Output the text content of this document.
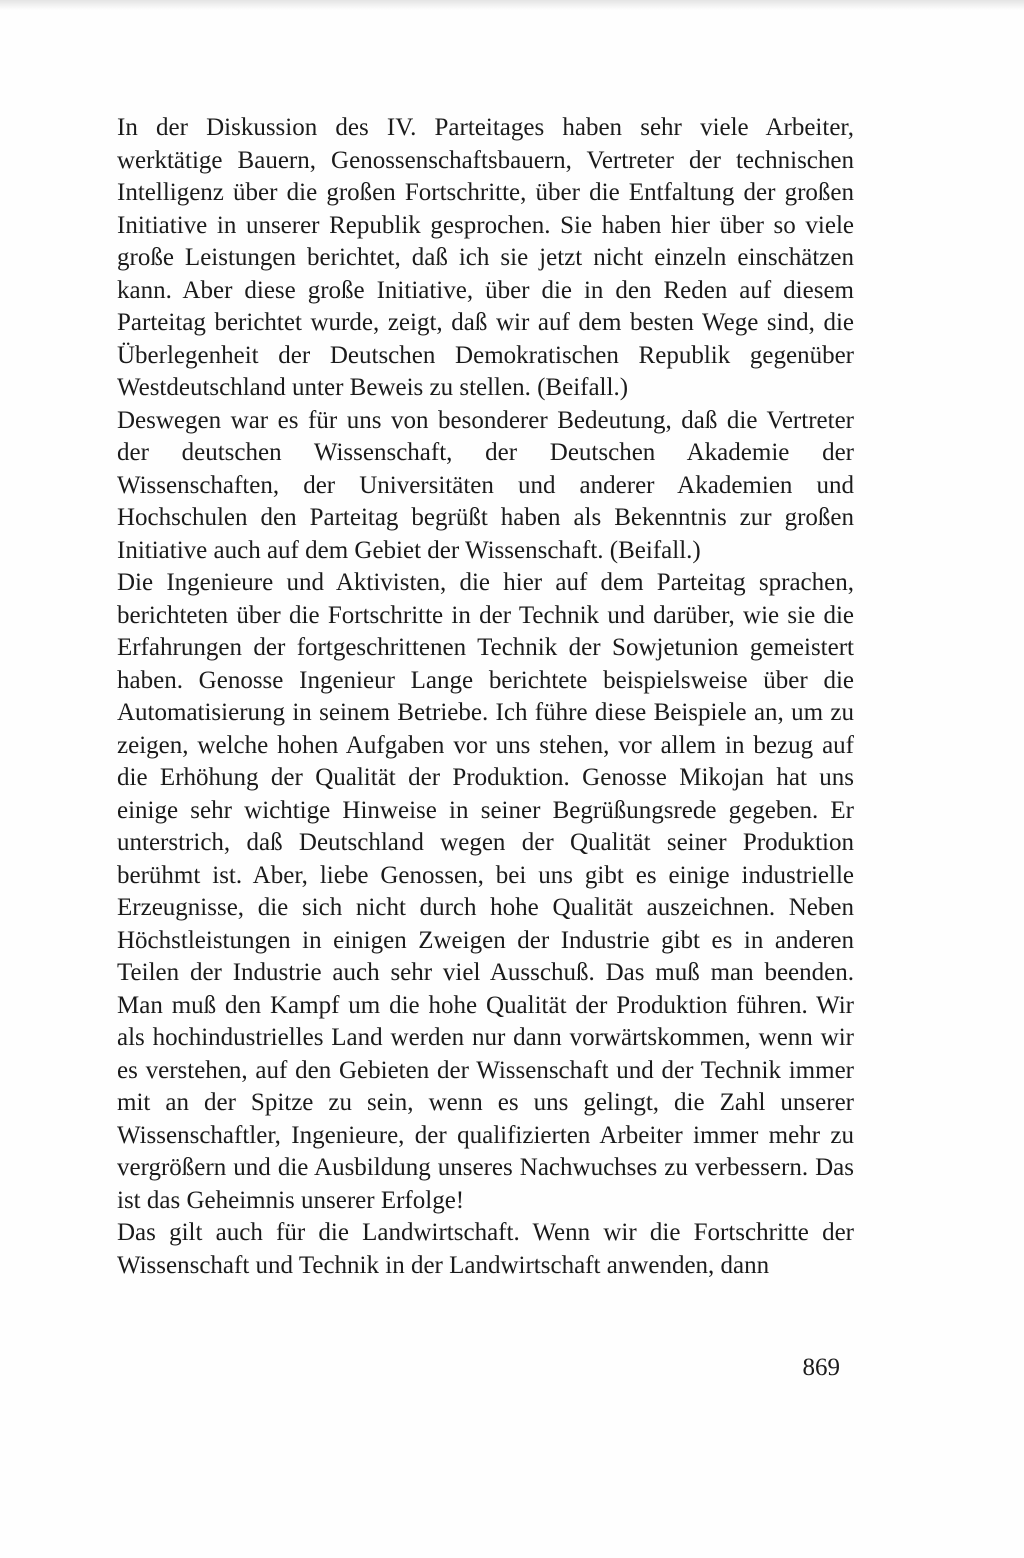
In der Diskussion des IV. Parteitages haben sehr viele Arbeiter, werktätige Bauern, Genossenschaftsbauern, Vertreter der technischen Intelligenz über die großen Fortschritte, über die Entfaltung der großen Initiative in unserer Republik gesprochen. Sie haben hier über so viele große Leistungen berichtet, daß ich sie jetzt nicht einzeln einschätzen kann. Aber diese große Initiative, über die in den Reden auf diesem Parteitag berichtet wurde, zeigt, daß wir auf dem besten Wege sind, die Überlegenheit der Deutschen Demokratischen Republik gegenüber Westdeutschland unter Beweis zu stellen. (Beifall.)

Deswegen war es für uns von besonderer Bedeutung, daß die Vertreter der deutschen Wissenschaft, der Deutschen Akademie der Wissenschaften, der Universitäten und anderer Akademien und Hochschulen den Parteitag begrüßt haben als Bekenntnis zur großen Initiative auch auf dem Gebiet der Wissenschaft. (Beifall.)

Die Ingenieure und Aktivisten, die hier auf dem Parteitag sprachen, berichteten über die Fortschritte in der Technik und darüber, wie sie die Erfahrungen der fortgeschrittenen Technik der Sowjetunion gemeistert haben. Genosse Ingenieur Lange berichtete beispielsweise über die Automatisierung in seinem Betriebe. Ich führe diese Beispiele an, um zu zeigen, welche hohen Aufgaben vor uns stehen, vor allem in bezug auf die Erhöhung der Qualität der Produktion. Genosse Mikojan hat uns einige sehr wichtige Hinweise in seiner Begrüßungsrede gegeben. Er unterstrich, daß Deutschland wegen der Qualität seiner Produktion berühmt ist. Aber, liebe Genossen, bei uns gibt es einige industrielle Erzeugnisse, die sich nicht durch hohe Qualität auszeichnen. Neben Höchstleistungen in einigen Zweigen der Industrie gibt es in anderen Teilen der Industrie auch sehr viel Ausschuß. Das muß man beenden. Man muß den Kampf um die hohe Qualität der Produktion führen. Wir als hochindustrielles Land werden nur dann vorwärtskommen, wenn wir es verstehen, auf den Gebieten der Wissenschaft und der Technik immer mit an der Spitze zu sein, wenn es uns gelingt, die Zahl unserer Wissenschaftler, Ingenieure, der qualifizierten Arbeiter immer mehr zu vergrößern und die Ausbildung unseres Nachwuchses zu verbessern. Das ist das Geheimnis unserer Erfolge!

Das gilt auch für die Landwirtschaft. Wenn wir die Fortschritte der Wissenschaft und Technik in der Landwirtschaft anwenden, dann

869
